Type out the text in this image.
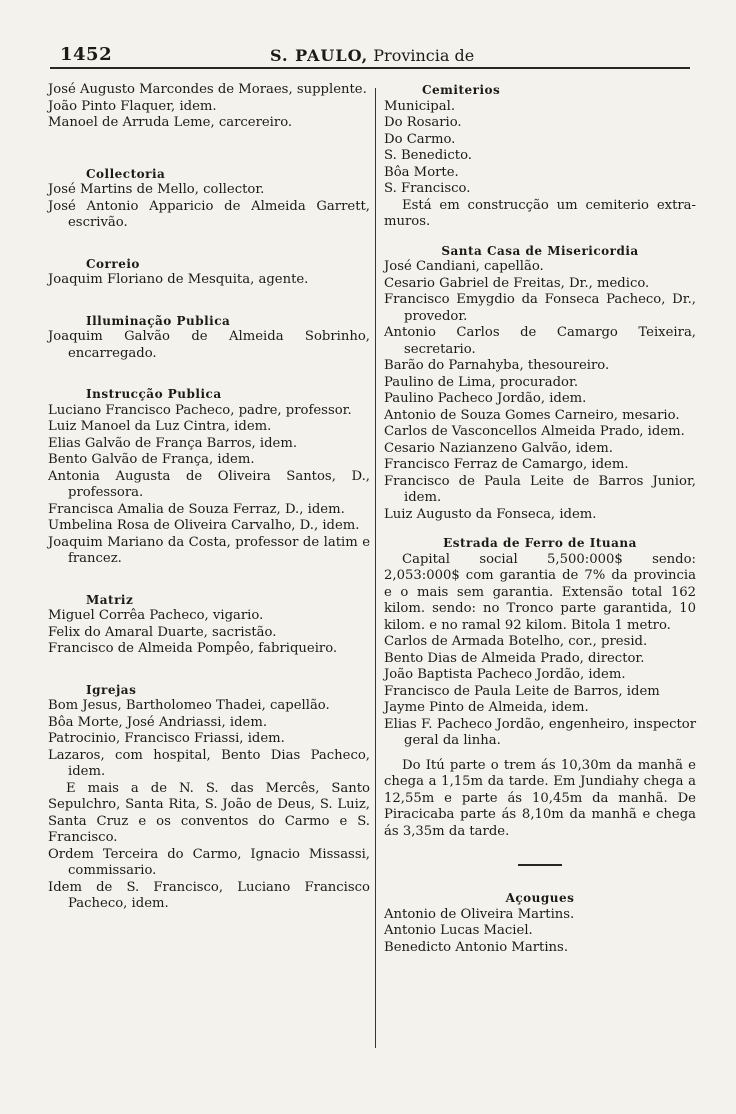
1452	S. PAULO, Provincia de

José Augusto Marcondes de Moraes, supplente.

João Pinto Flaquer, idem.

Manoel de Arruda Leme, carcereiro.

Collectoria

José Martins de Mello, collector.

José Antonio Apparicio de Almeida Garrett, escrivão.

Correio

Joaquim Floriano de Mesquita, agente.

Illuminação Publica

Joaquim Galvão de Almeida Sobrinho, encarregado.

Instrucção Publica

Luciano Francisco Pacheco, padre, professor.

Luiz Manoel da Luz Cintra, idem.

Elias Galvão de França Barros, idem.

Bento Galvão de França, idem.

Antonia Augusta de Oliveira Santos, D., professora.

Francisca Amalia de Souza Ferraz, D., idem.

Umbelina Rosa de Oliveira Carvalho, D., idem.

Joaquim Mariano da Costa, professor de latim e francez.

Matriz

Miguel Corrêa Pacheco, vigario.

Felix do Amaral Duarte, sacristão.

Francisco de Almeida Pompêo, fabriqueiro.

Igrejas

Bom Jesus, Bartholomeo Thadei, capellão.

Bôa Morte, José Andriassi, idem.

Patrocinio, Francisco Friassi, idem.

Lazaros, com hospital, Bento Dias Pacheco, idem.

E mais a de N. S. das Mercês, Santo Sepulchro, Santa Rita, S. João de Deus, S. Luiz, Santa Cruz e os conventos do Carmo e S. Francisco.

Ordem Terceira do Carmo, Ignacio Missassi, commissario.

Idem de S. Francisco, Luciano Francisco Pacheco, idem.

Cemiterios

Municipal.

Do Rosario.

Do Carmo.

S. Benedicto.

Bôa Morte.

S. Francisco.

Está em construcção um cemiterio extra-muros.

Santa Casa de Misericordia

José Candiani, capellão.

Cesario Gabriel de Freitas, Dr., medico.

Francisco Emygdio da Fonseca Pacheco, Dr., provedor.

Antonio Carlos de Camargo Teixeira, secretario.

Barão do Parnahyba, thesoureiro.

Paulino de Lima, procurador.

Paulino Pacheco Jordão, idem.

Antonio de Souza Gomes Carneiro, mesario.

Carlos de Vasconcellos Almeida Prado, idem.

Cesario Nazianzeno Galvão, idem.

Francisco Ferraz de Camargo, idem.

Francisco de Paula Leite de Barros Junior, idem.

Luiz Augusto da Fonseca, idem.

Estrada de Ferro de Ituana

Capital social 5,500:000$ sendo: 2,053:000$ com garantia de 7% da provincia e o mais sem garantia. Extensão total 162 kilom. sendo: no Tronco parte garantida, 10 kilom. e no ramal 92 kilom. Bitola 1 metro.

Carlos de Armada Botelho, cor., presid.

Bento Dias de Almeida Prado, director.

João Baptista Pacheco Jordão, idem.

Francisco de Paula Leite de Barros, idem

Jayme Pinto de Almeida, idem.

Elias F. Pacheco Jordão, engenheiro, inspector geral da linha.

Do Itú parte o trem ás 10,30m da manhã e chega a 1,15m da tarde. Em Jundiahy chega a 12,55m e parte ás 10,45m da manhã. De Piracicaba parte ás 8,10m da manhã e chega ás 3,35m da tarde.

Açougues

Antonio de Oliveira Martins.

Antonio Lucas Maciel.

Benedicto Antonio Martins.
